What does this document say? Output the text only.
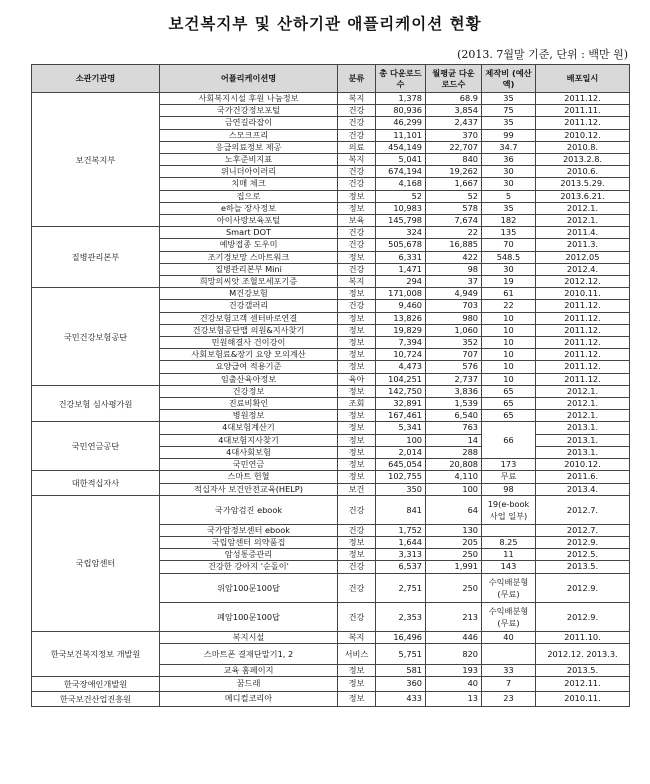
보건복지부 및 산하기관 애플리케이션 현황
(2013. 7월말 기준, 단위 : 백만 원)
소관기관명	어플리케이션명	분류	총 다운로드수	월평균 다운로드수	제작비 (예산액)	배포일시
보건복지부	사회복지시설 후원 나눔정보	복지	1,378	68.9	35	2011.12.
	국가건강정보포털	건강	80,936	3,854	75	2011.11.
	금연길라잡이	건강	46,299	2,437	35	2011.12.
	스모크프리	건강	11,101	370	99	2010.12.
	응급의료정보 제공	의료	454,149	22,707	34.7	2010.8.
	노후준비지표	복지	5,041	840	36	2013.2.8.
	위니더아이러리	건강	674,194	19,262	30	2010.6.
	치매 체크	건강	4,168	1,667	30	2013.5.29.
	집으로	정보	52	52	5	2013.6.21.
	e하늘 장사정보	정보	10,983	578	35	2012.1.
	아이사랑보육포털	보육	145,798	7,674	182	2012.1.
질병관리본부	Smart DOT	건강	324	22	135	2011.4.
	예방접종 도우미	건강	505,678	16,885	70	2011.3.
	조기경보망 스마트워크	정보	6,331	422	548.5	2012.05
	질병관리본부 Mini	건강	1,471	98	30	2012.4.
	희망의씨앗 조혈모세포기증	복지	294	37	19	2012.12.
국민건강보험공단	M건강보험	정보	171,008	4,949	61	2010.11.
	건강갤러리	건강	9,460	703	22	2011.12.
	건강보험고객 센터바로연결	정보	13,826	980	10	2011.12.
	건강보험공단맵 의원&지사찾기	정보	19,829	1,060	10	2011.12.
	민원해결사 건이강이	정보	7,394	352	10	2011.12.
	사회보험료&장기 요양 모의계산	정보	10,724	707	10	2011.12.
	요양급여 적용기준	정보	4,473	576	10	2011.12.
	임출산육아정보	육아	104,251	2,737	10	2011.12.
건강보험 심사평가원	건강정보	정보	142,750	3,836	65	2012.1.
	진료비확인	조회	32,891	1,539	65	2012.1.
	병원정보	정보	167,461	6,540	65	2012.1.
국민연금공단	4대보험계산기	정보	5,341	763	66	2013.1.
	4대보험지사찾기	정보	100	14		2013.1.
	4대사회보험	정보	2,014	288		2013.1.
	국민연금	정보	645,054	20,808	173	2010.12.
대한적십자사	스마트 헌혈	정보	102,755	4,110	무료	2011.6.
	적십자사 보건안전교육(HELP)	보건	350	100	98	2013.4.
국립암센터	국가암검진 ebook	건강	841	64	19(e-book사업 일부)	2012.7.
	국가암정보센터 ebook	건강	1,752	130		2012.7.
	국립암센터 의약품집	정보	1,644	205	8.25	2012.9.
	암성통증관리	정보	3,313	250	11	2012.5.
	건강한 강아지 '순돌이'	건강	6,537	1,991	143	2013.5.
	위암100문100답	건강	2,751	250	수익배분형(무료)	2012.9.
	폐암100문100답	건강	2,353	213	수익배분형(무료)	2012.9.
한국보건복지정보 개발원	복지시설	복지	16,496	446	40	2011.10.
	스마트폰 결재단말기1, 2	서비스	5,751	820		2012.12. 2013.3.
	교육 홈페이지	정보	581	193	33	2013.5.
한국장애인개발원	꿈드래	정보	360	40	7	2012.11.
한국보건산업진흥원	메디컬코리아	정보	433	13	23	2010.11.
